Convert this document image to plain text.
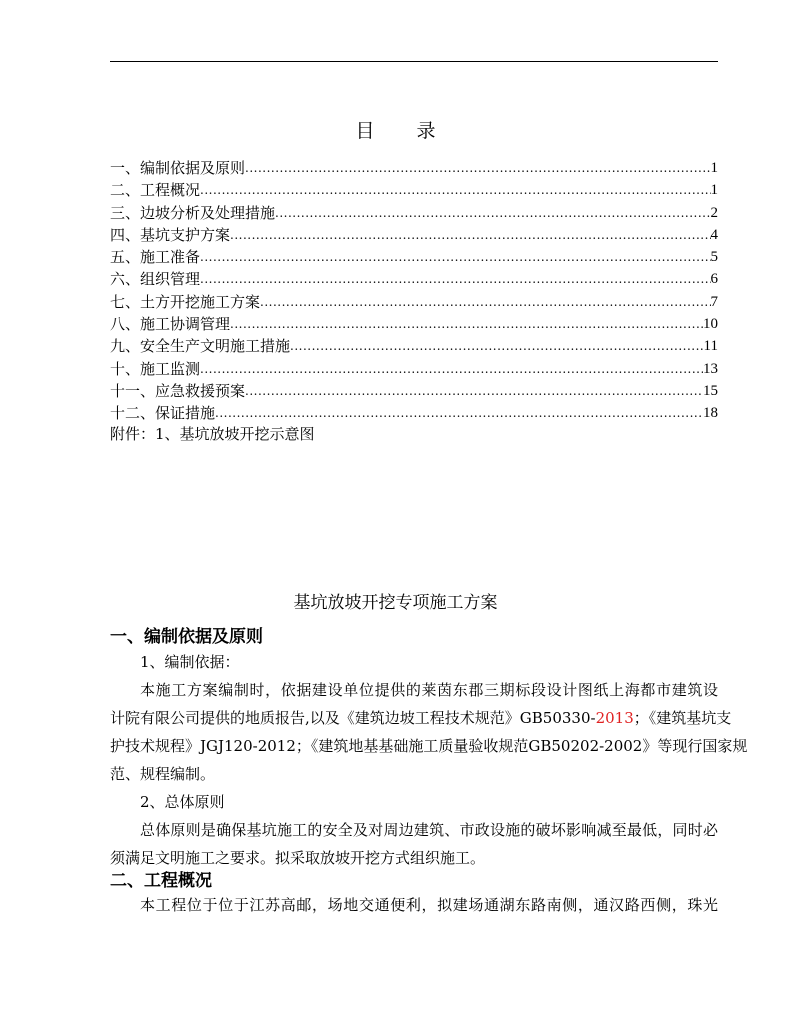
目 录
一、编制依据及原则 .....	1
二、工程概况 .....	1
三、边坡分析及处理措施 .....	2
四、基坑支护方案 .....	4
五、施工准备 .....	5
六、组织管理 .....	6
七、土方开挖施工方案 .....	7
八、施工协调管理 .....	10
九、安全生产文明施工措施 .....	11
十、施工监测 .....	13
十一、应急救援预案 .....	15
十二、保证措施 .....	18
附件：1、基坑放坡开挖示意图
基坑放坡开挖专项施工方案
一、编制依据及原则
1、编制依据：
本施工方案编制时，依据建设单位提供的莱茵东郡三期标段设计图纸上海都市建筑设
计院有限公司提供的地质报告,以及《建筑边坡工程技术规范》GB50330-2013；《建筑基坑支
护技术规程》JGJ120-2012；《建筑地基基础施工质量验收规范GB50202-2002》等现行国家规
范、规程编制。
2、总体原则
总体原则是确保基坑施工的安全及对周边建筑、市政设施的破坏影响减至最低，同时必
须满足文明施工之要求。拟采取放坡开挖方式组织施工。
二、工程概况
本工程位于位于江苏高邮，场地交通便利，拟建场通湖东路南侧，通汉路西侧，珠光
